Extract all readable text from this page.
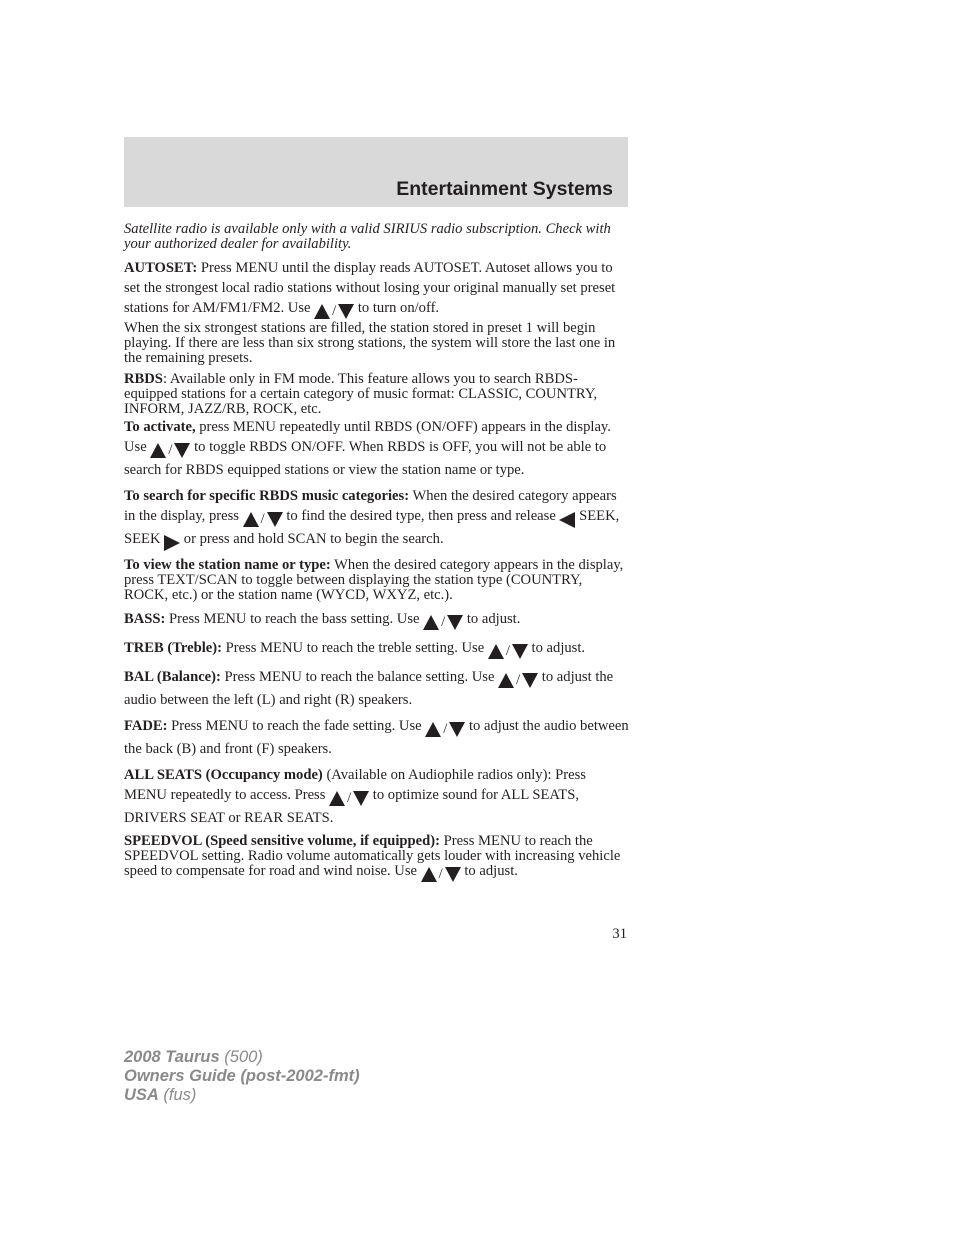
Entertainment Systems

Satellite radio is available only with a valid SIRIUS radio subscription. Check with your authorized dealer for availability.

AUTOSET: Press MENU until the display reads AUTOSET. Autoset allows you to set the strongest local radio stations without losing your original manually set preset stations for AM/FM1/FM2. Use / to turn on/off.

When the six strongest stations are filled, the station stored in preset 1 will begin playing. If there are less than six strong stations, the system will store the last one in the remaining presets.

RBDS: Available only in FM mode. This feature allows you to search RBDS-equipped stations for a certain category of music format: CLASSIC, COUNTRY, INFORM, JAZZ/RB, ROCK, etc.

To activate, press MENU repeatedly until RBDS (ON/OFF) appears in the display. Use / to toggle RBDS ON/OFF. When RBDS is OFF, you will not be able to search for RBDS equipped stations or view the station name or type.

To search for specific RBDS music categories: When the desired category appears in the display, press / to find the desired type, then press and release  SEEK, SEEK  or press and hold SCAN to begin the search.

To view the station name or type: When the desired category appears in the display, press TEXT/SCAN to toggle between displaying the station type (COUNTRY, ROCK, etc.) or the station name (WYCD, WXYZ, etc.).

BASS: Press MENU to reach the bass setting. Use / to adjust.

TREB (Treble): Press MENU to reach the treble setting. Use / to adjust.

BAL (Balance): Press MENU to reach the balance setting. Use / to adjust the audio between the left (L) and right (R) speakers.

FADE: Press MENU to reach the fade setting. Use / to adjust the audio between the back (B) and front (F) speakers.

ALL SEATS (Occupancy mode) (Available on Audiophile radios only): Press MENU repeatedly to access. Press / to optimize sound for ALL SEATS, DRIVERS SEAT or REAR SEATS.

SPEEDVOL (Speed sensitive volume, if equipped): Press MENU to reach the SPEEDVOL setting. Radio volume automatically gets louder with increasing vehicle speed to compensate for road and wind noise. Use / to adjust.

31
2008 Taurus (500)
Owners Guide (post-2002-fmt)
USA (fus)
